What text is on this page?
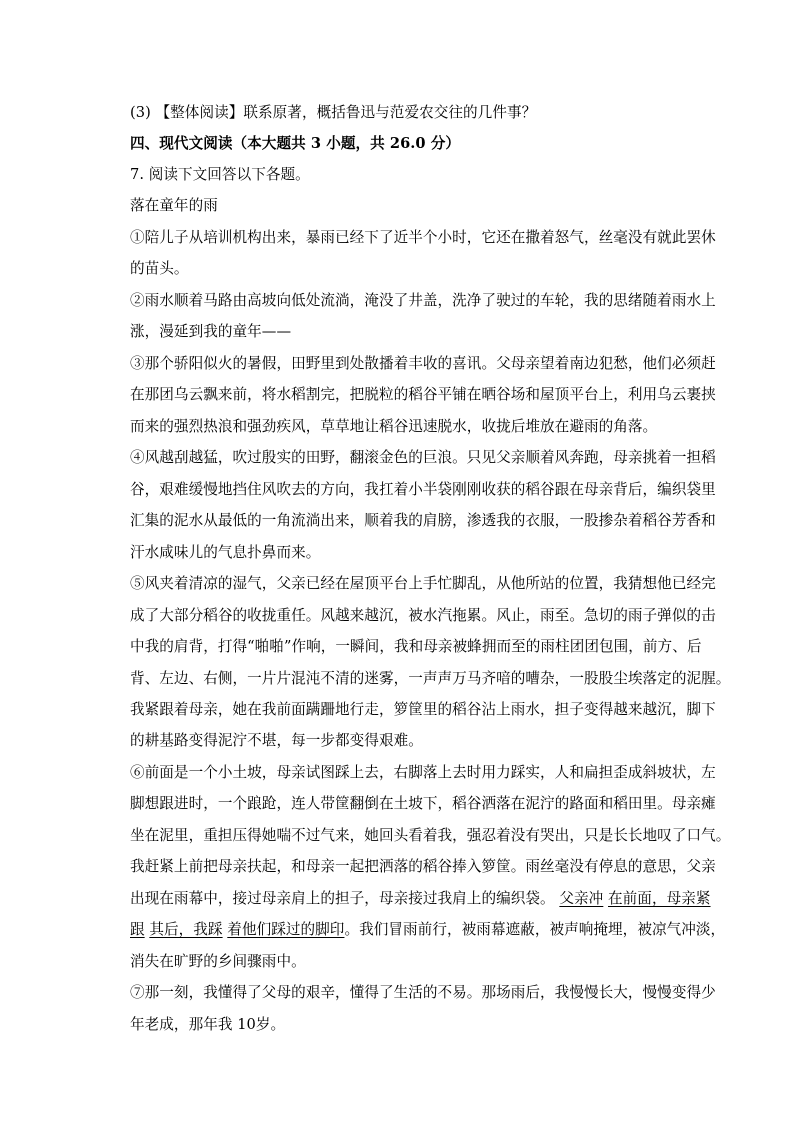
(3) 【整体阅读】联系原著，概括鲁迅与范爱农交往的几件事？
四、现代文阅读（本大题共 3 小题，共 26.0 分）
7. 阅读下文回答以下各题。
落在童年的雨
①陪儿子从培训机构出来，暴雨已经下了近半个小时，它还在撒着怒气，丝毫没有就此罢休
的苗头。
②雨水顺着马路由高坡向低处流淌，淹没了井盖，洗净了驶过的车轮，我的思绪随着雨水上
涨，漫延到我的童年——
③那个骄阳似火的暑假，田野里到处散播着丰收的喜讯。父母亲望着南边犯愁，他们必须赶
在那团乌云飘来前，将水稻割完，把脱粒的稻谷平铺在晒谷场和屋顶平台上，利用乌云裹挟
而来的强烈热浪和强劲疾风，草草地让稻谷迅速脱水，收拢后堆放在避雨的角落。
④风越刮越猛，吹过殷实的田野，翻滚金色的巨浪。只见父亲顺着风奔跑，母亲挑着一担稻
谷，艰难缓慢地挡住风吹去的方向，我扛着小半袋刚刚收获的稻谷跟在母亲背后，编织袋里
汇集的泥水从最低的一角流淌出来，顺着我的肩膀，渗透我的衣服，一股掺杂着稻谷芳香和
汗水咸味儿的气息扑鼻而来。
⑤风夹着清凉的湿气，父亲已经在屋顶平台上手忙脚乱，从他所站的位置，我猜想他已经完
成了大部分稻谷的收拢重任。风越来越沉，被水汽拖累。风止，雨至。急切的雨子弹似的击
中我的肩背，打得“啪啪”作响，一瞬间，我和母亲被蜂拥而至的雨柱团团包围，前方、后
背、左边、右侧，一片片混沌不清的迷雾，一声声万马齐喑的嘈杂，一股股尘埃落定的泥腥。
我紧跟着母亲，她在我前面蹒跚地行走，箩筐里的稻谷沾上雨水，担子变得越来越沉，脚下
的耕基路变得泥泞不堪，每一步都变得艰难。
⑥前面是一个小土坡，母亲试图踩上去，右脚落上去时用力踩实，人和扁担歪成斜坡状，左
脚想跟进时，一个踉跄，连人带筐翻倒在土坡下，稻谷洒落在泥泞的路面和稻田里。母亲瘫
坐在泥里，重担压得她喘不过气来，她回头看着我，强忍着没有哭出，只是长长地叹了口气。
我赶紧上前把母亲扶起，和母亲一起把洒落的稻谷捧入箩筐。雨丝毫没有停息的意思，父亲
出现在雨幕中，接过母亲肩上的担子，母亲接过我肩上的编织袋。 父亲冲 在前面，母亲紧
跟 其后，我踩 着他们踩过的脚印。我们冒雨前行，被雨幕遮蔽，被声响掩埋，被凉气冲淡，
消失在旷野的乡间骤雨中。
⑦那一刻，我懂得了父母的艰辛，懂得了生活的不易。那场雨后，我慢慢长大，慢慢变得少
年老成，那年我 10岁。
